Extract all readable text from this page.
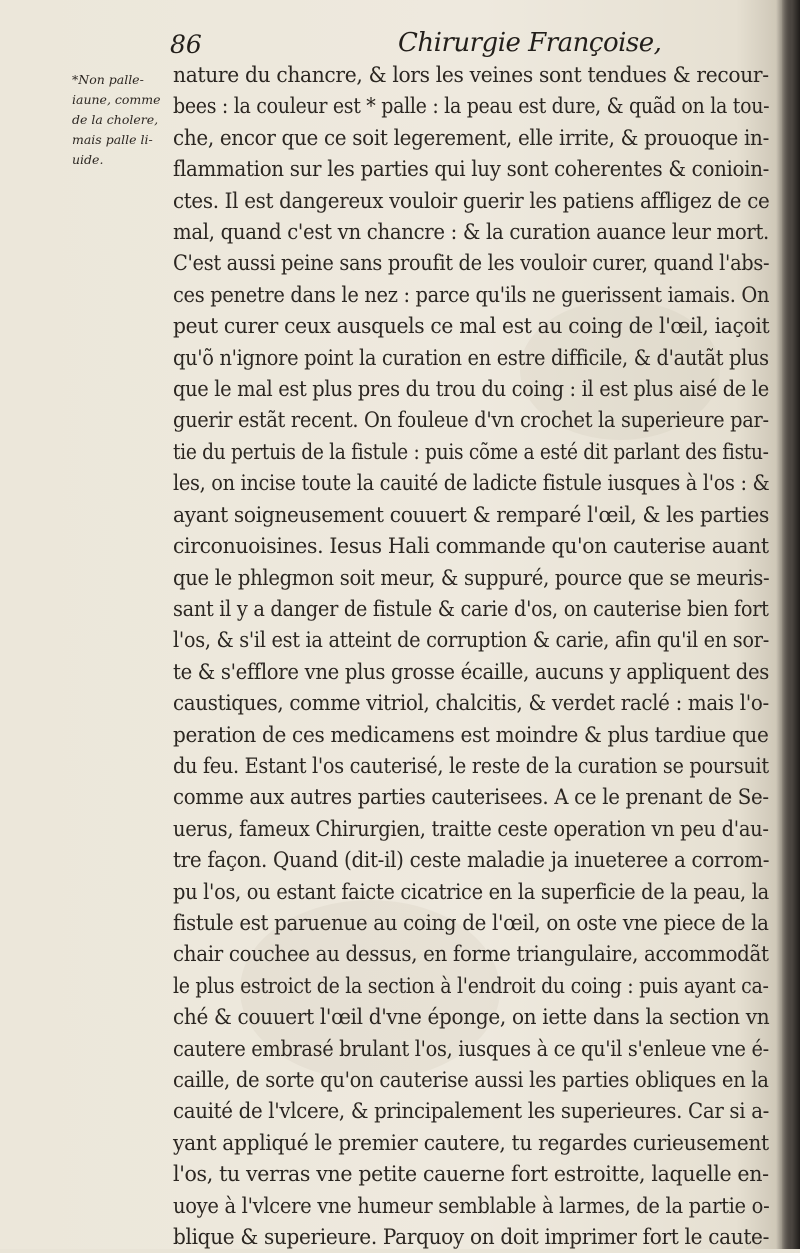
86	Chirurgie Françoise,
*Non palle-
iaune, comme
de la cholere,
mais palle li-
uide.
nature du chancre, & lors les veines sont tendues & recour-
bees : la couleur est * palle : la peau est dure, & quãd on la tou-
che, encor que ce soit legerement, elle irrite, & prouoque in-
flammation sur les parties qui luy sont coherentes & conioin-
ctes. Il est dangereux vouloir guerir les patiens affligez de ce
mal, quand c'est vn chancre : & la curation auance leur mort.
C'est aussi peine sans proufit de les vouloir curer, quand l'abs-
ces penetre dans le nez : parce qu'ils ne guerissent iamais. On
peut curer ceux ausquels ce mal est au coing de l'œil, iaçoit
qu'õ n'ignore point la curation en estre difficile, & d'autãt plus
que le mal est plus pres du trou du coing : il est plus aisé de le
guerir estãt recent. On fouleue d'vn crochet la superieure par-
tie du pertuis de la fistule : puis cõme a esté dit parlant des fistu-
les, on incise toute la cauité de ladicte fistule iusques à l'os : &
ayant soigneusement couuert & remparé l'œil, & les parties
circonuoisines. Iesus Hali commande qu'on cauterise auant
que le phlegmon soit meur, & suppuré, pource que se meuris-
sant il y a danger de fistule & carie d'os, on cauterise bien fort
l'os, & s'il est ia atteint de corruption & carie, afin qu'il en sor-
te & s'efflore vne plus grosse écaille, aucuns y appliquent des
caustiques, comme vitriol, chalcitis, & verdet raclé : mais l'o-
peration de ces medicamens est moindre & plus tardiue que
du feu. Estant l'os cauterisé, le reste de la curation se poursuit
comme aux autres parties cauterisees. A ce le prenant de Se-
uerus, fameux Chirurgien, traitte ceste operation vn peu d'au-
tre façon. Quand (dit-il) ceste maladie ja inueteree a corrom-
pu l'os, ou estant faicte cicatrice en la superficie de la peau, la
fistule est paruenue au coing de l'œil, on oste vne piece de la
chair couchee au dessus, en forme triangulaire, accommodãt
le plus estroict de la section à l'endroit du coing : puis ayant ca-
ché & couuert l'œil d'vne éponge, on iette dans la section vn
cautere embrasé brulant l'os, iusques à ce qu'il s'enleue vne é-
caille, de sorte qu'on cauterise aussi les parties obliques en la
cauité de l'vlcere, & principalement les superieures. Car si a-
yant appliqué le premier cautere, tu regardes curieusement
l'os, tu verras vne petite cauerne fort estroitte, laquelle en-
uoye à l'vlcere vne humeur semblable à larmes, de la partie o-
blique & superieure. Parquoy on doit imprimer fort le caute-
